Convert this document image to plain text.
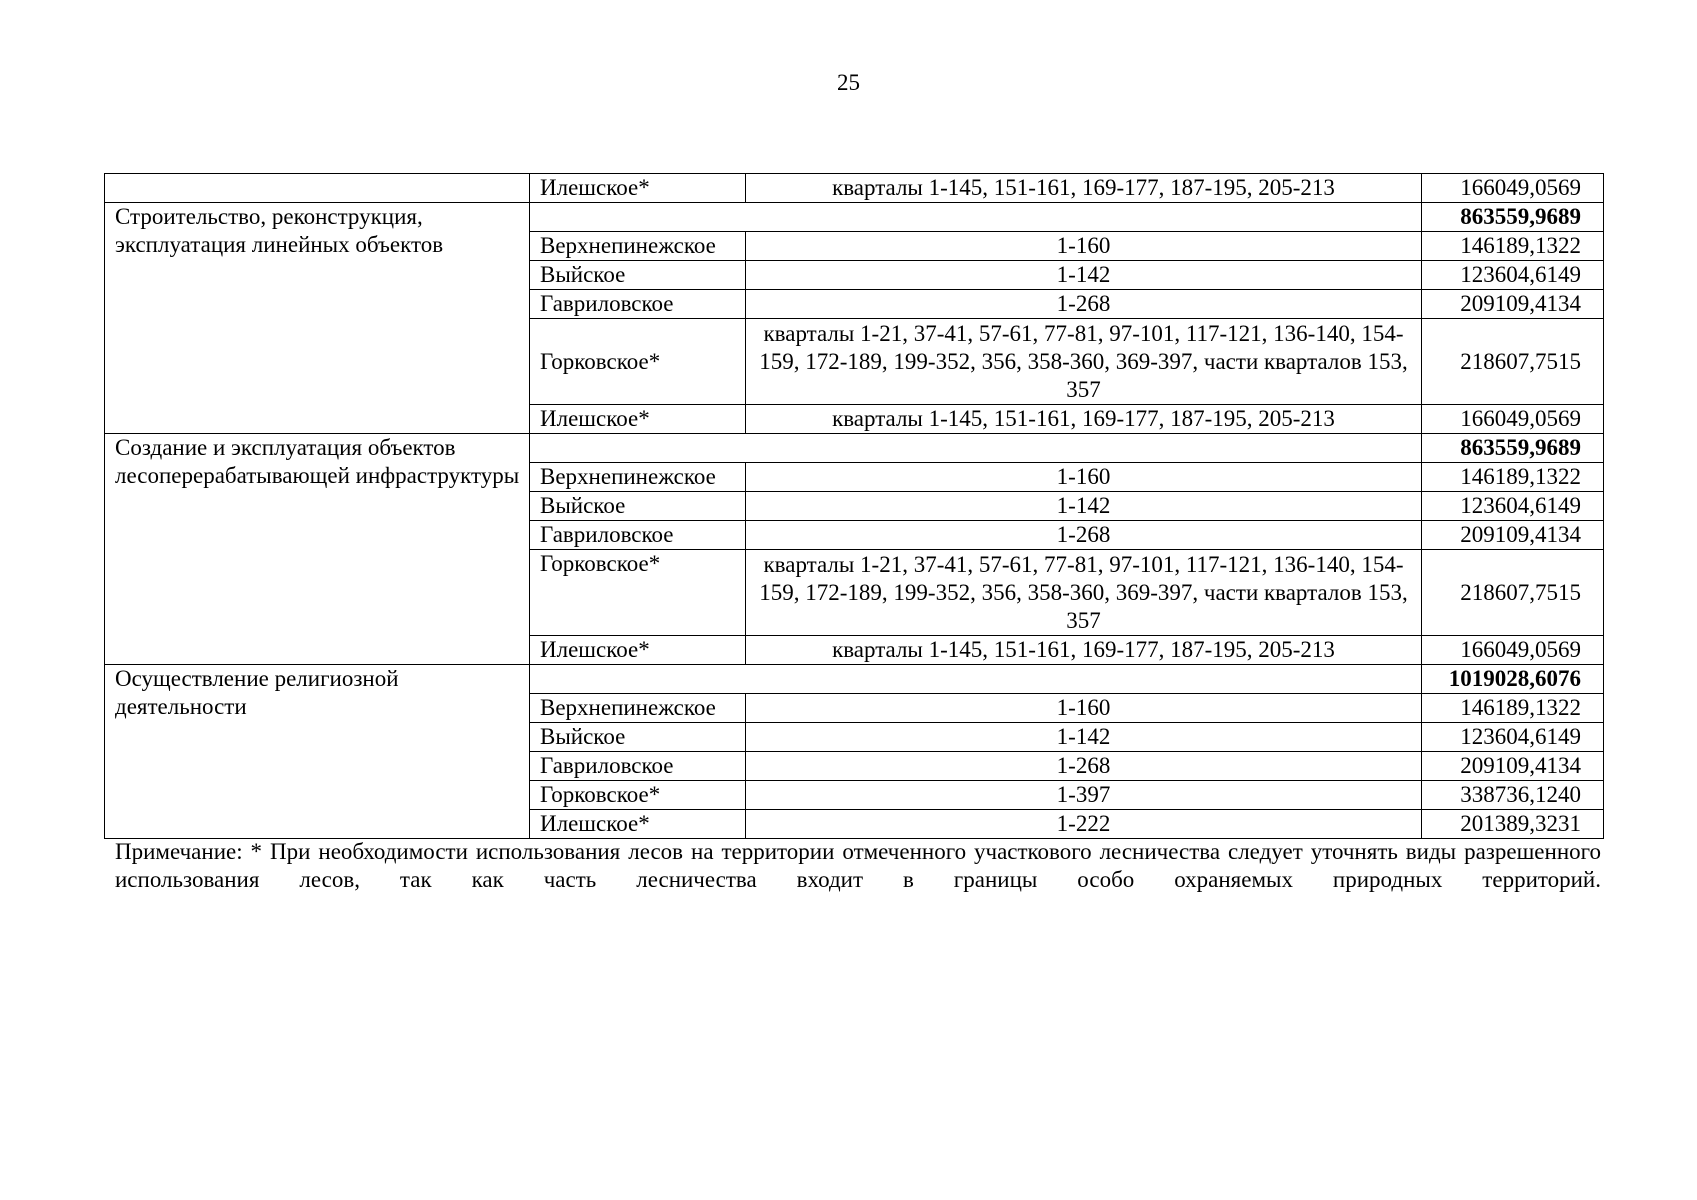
25
	Илешское*	кварталы 1-145, 151-161, 169-177, 187-195, 205-213	166049,0569
Строительство, реконструкция, эксплуатация линейных объектов			863559,9689
	Верхнепинежское	1-160	146189,1322
	Выйское	1-142	123604,6149
	Гавриловское	1-268	209109,4134
	Горковское*	кварталы 1-21, 37-41, 57-61, 77-81, 97-101, 117-121, 136-140, 154-159, 172-189, 199-352, 356, 358-360, 369-397, части кварталов 153, 357	218607,7515
	Илешское*	кварталы 1-145, 151-161, 169-177, 187-195, 205-213	166049,0569
Создание и эксплуатация объектов лесоперерабатывающей инфраструктуры			863559,9689
	Верхнепинежское	1-160	146189,1322
	Выйское	1-142	123604,6149
	Гавриловское	1-268	209109,4134
	Горковское*	кварталы 1-21, 37-41, 57-61, 77-81, 97-101, 117-121, 136-140, 154-159, 172-189, 199-352, 356, 358-360, 369-397, части кварталов 153, 357	218607,7515
	Илешское*	кварталы 1-145, 151-161, 169-177, 187-195, 205-213	166049,0569
Осуществление религиозной деятельности			1019028,6076
	Верхнепинежское	1-160	146189,1322
	Выйское	1-142	123604,6149
	Гавриловское	1-268	209109,4134
	Горковское*	1-397	338736,1240
	Илешское*	1-222	201389,3231
Примечание: * При необходимости использования лесов на территории отмеченного участкового лесничества следует уточнять виды разрешенного использования лесов, так как часть лесничества входит в границы особо охраняемых природных территорий.
